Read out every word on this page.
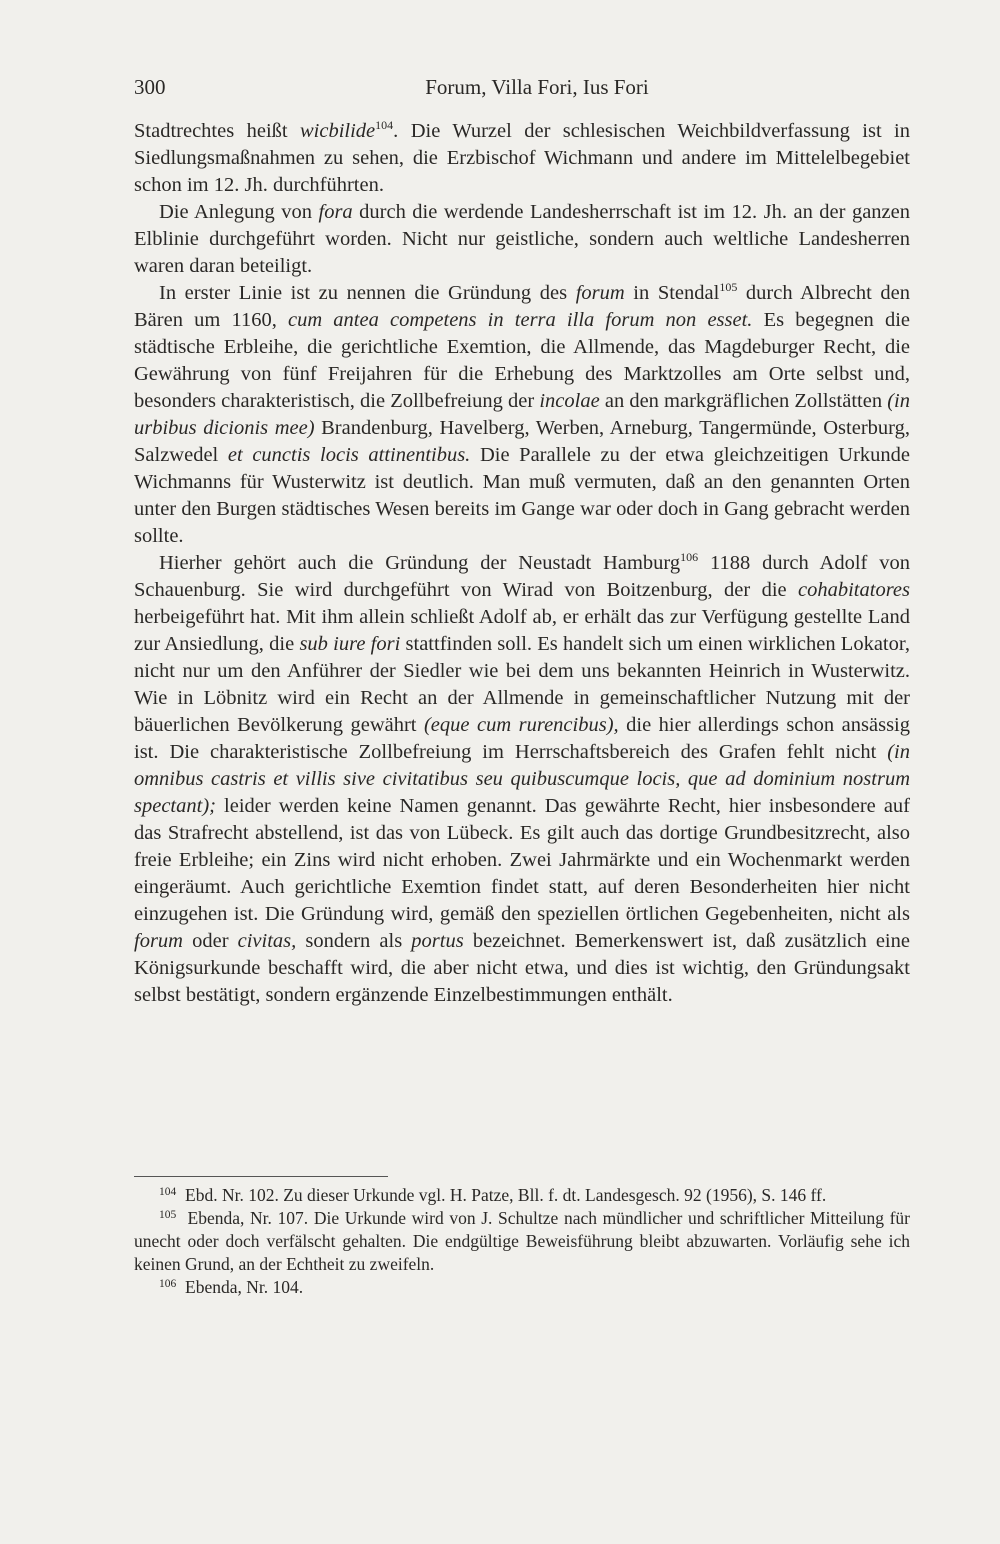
300	Forum, Villa Fori, Ius Fori

Stadtrechtes heißt wicbilide$^{104}$. Die Wurzel der schlesischen Weichbildverfassung ist in Siedlungsmaßnahmen zu sehen, die Erzbischof Wichmann und andere im Mittelelbegebiet schon im 12. Jh. durchführten.

Die Anlegung von fora durch die werdende Landesherrschaft ist im 12. Jh. an der ganzen Elblinie durchgeführt worden. Nicht nur geistliche, sondern auch weltliche Landesherren waren daran beteiligt.

In erster Linie ist zu nennen die Gründung des forum in Stendal$^{105}$ durch Albrecht den Bären um 1160, cum antea competens in terra illa forum non esset. Es begegnen die städtische Erbleihe, die gerichtliche Exemtion, die Allmende, das Magdeburger Recht, die Gewährung von fünf Freijahren für die Erhebung des Marktzolles am Orte selbst und, besonders charakteristisch, die Zollbefreiung der incolae an den markgräflichen Zollstätten (in urbibus dicionis mee) Brandenburg, Havelberg, Werben, Arneburg, Tangermünde, Osterburg, Salzwedel et cunctis locis attinentibus. Die Parallele zu der etwa gleichzeitigen Urkunde Wichmanns für Wusterwitz ist deutlich. Man muß vermuten, daß an den genannten Orten unter den Burgen städtisches Wesen bereits im Gange war oder doch in Gang gebracht werden sollte.

Hierher gehört auch die Gründung der Neustadt Hamburg$^{106}$ 1188 durch Adolf von Schauenburg. Sie wird durchgeführt von Wirad von Boitzenburg, der die cohabitatores herbeigeführt hat. Mit ihm allein schließt Adolf ab, er erhält das zur Verfügung gestellte Land zur Ansiedlung, die sub iure fori stattfinden soll. Es handelt sich um einen wirklichen Lokator, nicht nur um den Anführer der Siedler wie bei dem uns bekannten Heinrich in Wusterwitz. Wie in Löbnitz wird ein Recht an der Allmende in gemeinschaftlicher Nutzung mit der bäuerlichen Bevölkerung gewährt (eque cum rurencibus), die hier allerdings schon ansässig ist. Die charakteristische Zollbefreiung im Herrschaftsbereich des Grafen fehlt nicht (in omnibus castris et villis sive civitatibus seu quibuscumque locis, que ad dominium nostrum spectant); leider werden keine Namen genannt. Das gewährte Recht, hier insbesondere auf das Strafrecht abstellend, ist das von Lübeck. Es gilt auch das dortige Grundbesitzrecht, also freie Erbleihe; ein Zins wird nicht erhoben. Zwei Jahrmärkte und ein Wochenmarkt werden eingeräumt. Auch gerichtliche Exemtion findet statt, auf deren Besonderheiten hier nicht einzugehen ist. Die Gründung wird, gemäß den speziellen örtlichen Gegebenheiten, nicht als forum oder civitas, sondern als portus bezeichnet. Bemerkenswert ist, daß zusätzlich eine Königsurkunde beschafft wird, die aber nicht etwa, und dies ist wichtig, den Gründungsakt selbst bestätigt, sondern ergänzende Einzelbestimmungen enthält.

$^{104}$ Ebd. Nr. 102. Zu dieser Urkunde vgl. H. Patze, Bll. f. dt. Landesgesch. 92 (1956), S. 146 ff.

$^{105}$ Ebenda, Nr. 107. Die Urkunde wird von J. Schultze nach mündlicher und schriftlicher Mitteilung für unecht oder doch verfälscht gehalten. Die endgültige Beweisführung bleibt abzuwarten. Vorläufig sehe ich keinen Grund, an der Echtheit zu zweifeln.

$^{106}$ Ebenda, Nr. 104.
